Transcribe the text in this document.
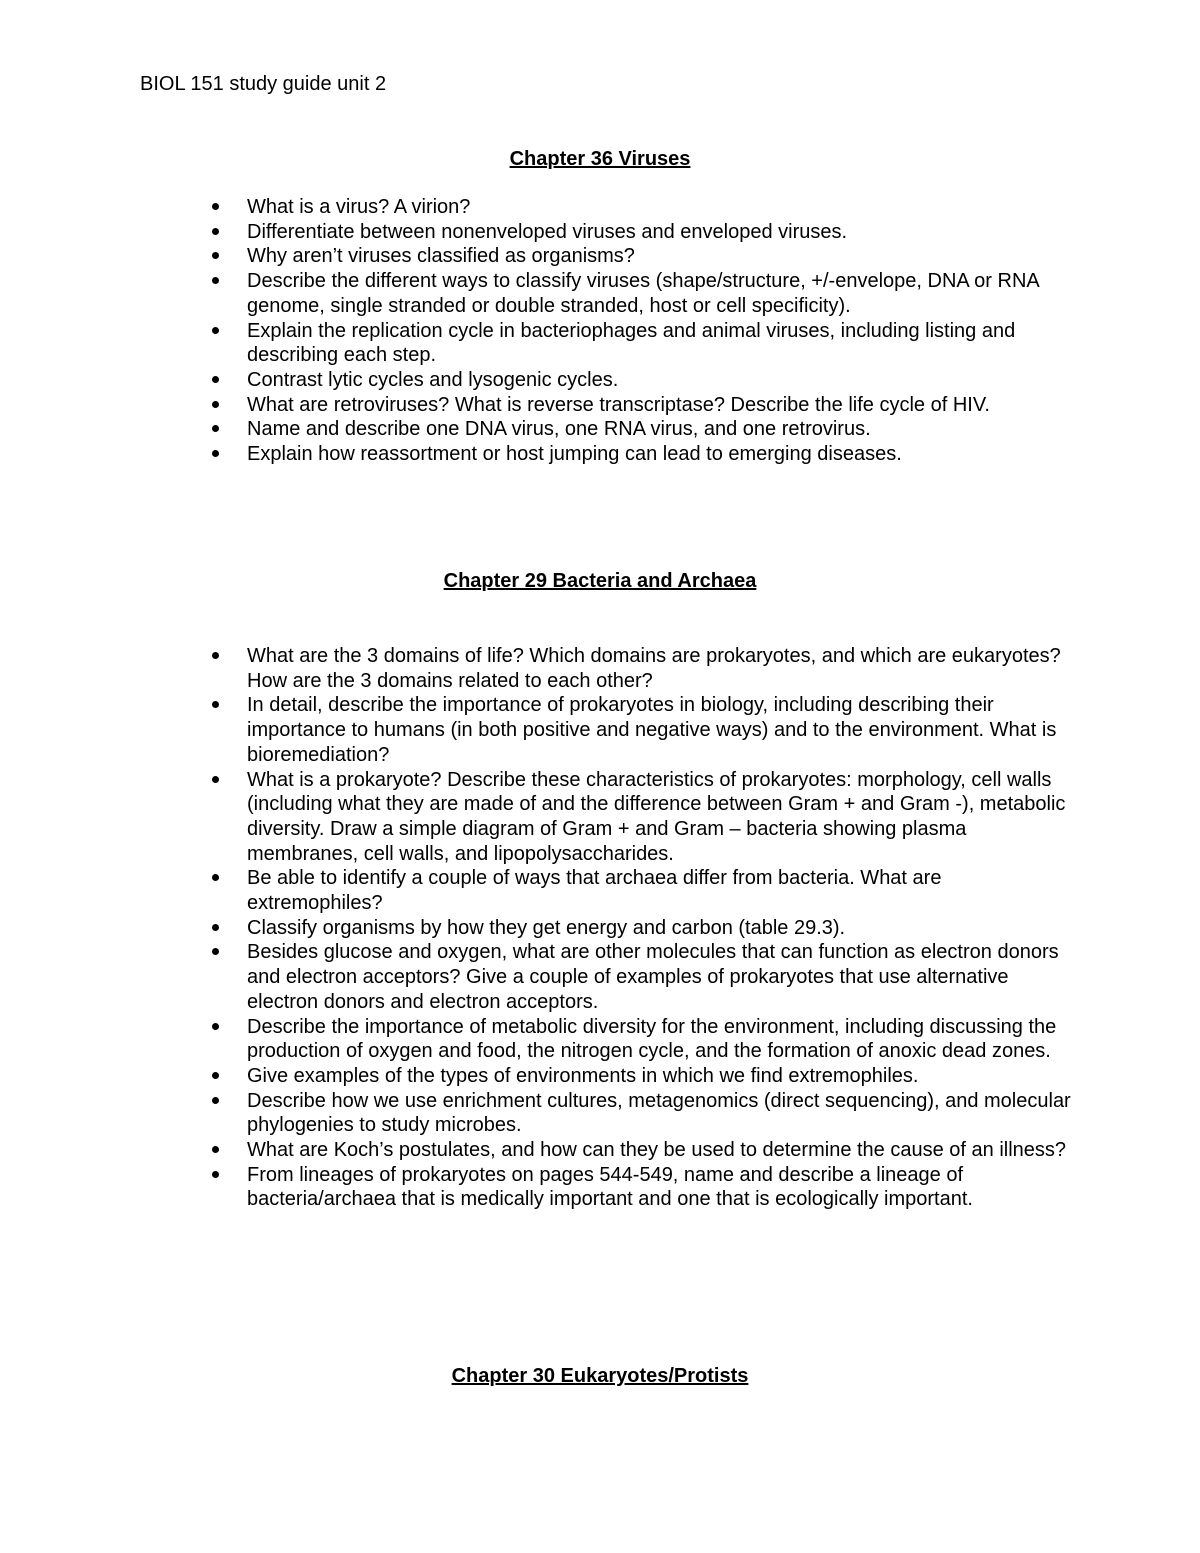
BIOL 151 study guide unit 2

Chapter 36 Viruses
What is a virus? A virion?
Differentiate between nonenveloped viruses and enveloped viruses.
Why aren’t viruses classified as organisms?
Describe the different ways to classify viruses (shape/structure, +/-envelope, DNA or RNA genome, single stranded or double stranded, host or cell specificity).
Explain the replication cycle in bacteriophages and animal viruses, including listing and describing each step.
Contrast lytic cycles and lysogenic cycles.
What are retroviruses? What is reverse transcriptase? Describe the life cycle of HIV.
Name and describe one DNA virus, one RNA virus, and one retrovirus.
Explain how reassortment or host jumping can lead to emerging diseases.
Chapter 29 Bacteria and Archaea
What are the 3 domains of life? Which domains are prokaryotes, and which are eukaryotes? How are the 3 domains related to each other?
In detail, describe the importance of prokaryotes in biology, including describing their importance to humans (in both positive and negative ways) and to the environment. What is bioremediation?
What is a prokaryote? Describe these characteristics of prokaryotes: morphology, cell walls (including what they are made of and the difference between Gram + and Gram -), metabolic diversity. Draw a simple diagram of Gram + and Gram – bacteria showing plasma membranes, cell walls, and lipopolysaccharides.
Be able to identify a couple of ways that archaea differ from bacteria. What are extremophiles?
Classify organisms by how they get energy and carbon (table 29.3).
Besides glucose and oxygen, what are other molecules that can function as electron donors and electron acceptors? Give a couple of examples of prokaryotes that use alternative electron donors and electron acceptors.
Describe the importance of metabolic diversity for the environment, including discussing the production of oxygen and food, the nitrogen cycle, and the formation of anoxic dead zones.
Give examples of the types of environments in which we find extremophiles.
Describe how we use enrichment cultures, metagenomics (direct sequencing), and molecular phylogenies to study microbes.
What are Koch’s postulates, and how can they be used to determine the cause of an illness?
From lineages of prokaryotes on pages 544-549, name and describe a lineage of bacteria/archaea that is medically important and one that is ecologically important.
Chapter 30 Eukaryotes/Protists
